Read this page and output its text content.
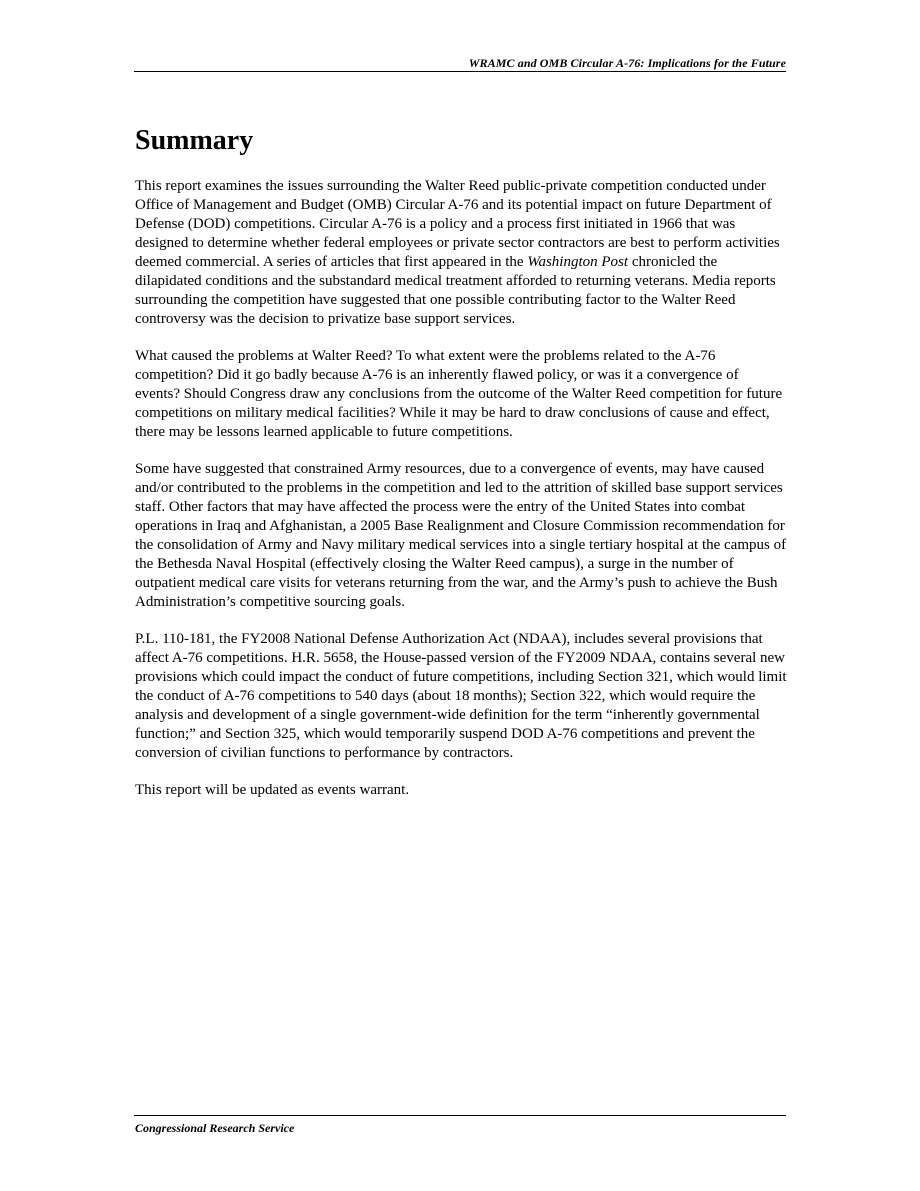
WRAMC and OMB Circular A-76: Implications for the Future
Summary

This report examines the issues surrounding the Walter Reed public-private competition conducted under Office of Management and Budget (OMB) Circular A-76 and its potential impact on future Department of Defense (DOD) competitions. Circular A-76 is a policy and a process first initiated in 1966 that was designed to determine whether federal employees or private sector contractors are best to perform activities deemed commercial. A series of articles that first appeared in the Washington Post chronicled the dilapidated conditions and the substandard medical treatment afforded to returning veterans. Media reports surrounding the competition have suggested that one possible contributing factor to the Walter Reed controversy was the decision to privatize base support services.

What caused the problems at Walter Reed? To what extent were the problems related to the A-76 competition? Did it go badly because A-76 is an inherently flawed policy, or was it a convergence of events? Should Congress draw any conclusions from the outcome of the Walter Reed competition for future competitions on military medical facilities? While it may be hard to draw conclusions of cause and effect, there may be lessons learned applicable to future competitions.

Some have suggested that constrained Army resources, due to a convergence of events, may have caused and/or contributed to the problems in the competition and led to the attrition of skilled base support services staff. Other factors that may have affected the process were the entry of the United States into combat operations in Iraq and Afghanistan, a 2005 Base Realignment and Closure Commission recommendation for the consolidation of Army and Navy military medical services into a single tertiary hospital at the campus of the Bethesda Naval Hospital (effectively closing the Walter Reed campus), a surge in the number of outpatient medical care visits for veterans returning from the war, and the Army’s push to achieve the Bush Administration’s competitive sourcing goals.

P.L. 110-181, the FY2008 National Defense Authorization Act (NDAA), includes several provisions that affect A-76 competitions. H.R. 5658, the House-passed version of the FY2009 NDAA, contains several new provisions which could impact the conduct of future competitions, including Section 321, which would limit the conduct of A-76 competitions to 540 days (about 18 months); Section 322, which would require the analysis and development of a single government-wide definition for the term “inherently governmental function;” and Section 325, which would temporarily suspend DOD A-76 competitions and prevent the conversion of civilian functions to performance by contractors.

This report will be updated as events warrant.

Congressional Research Service
